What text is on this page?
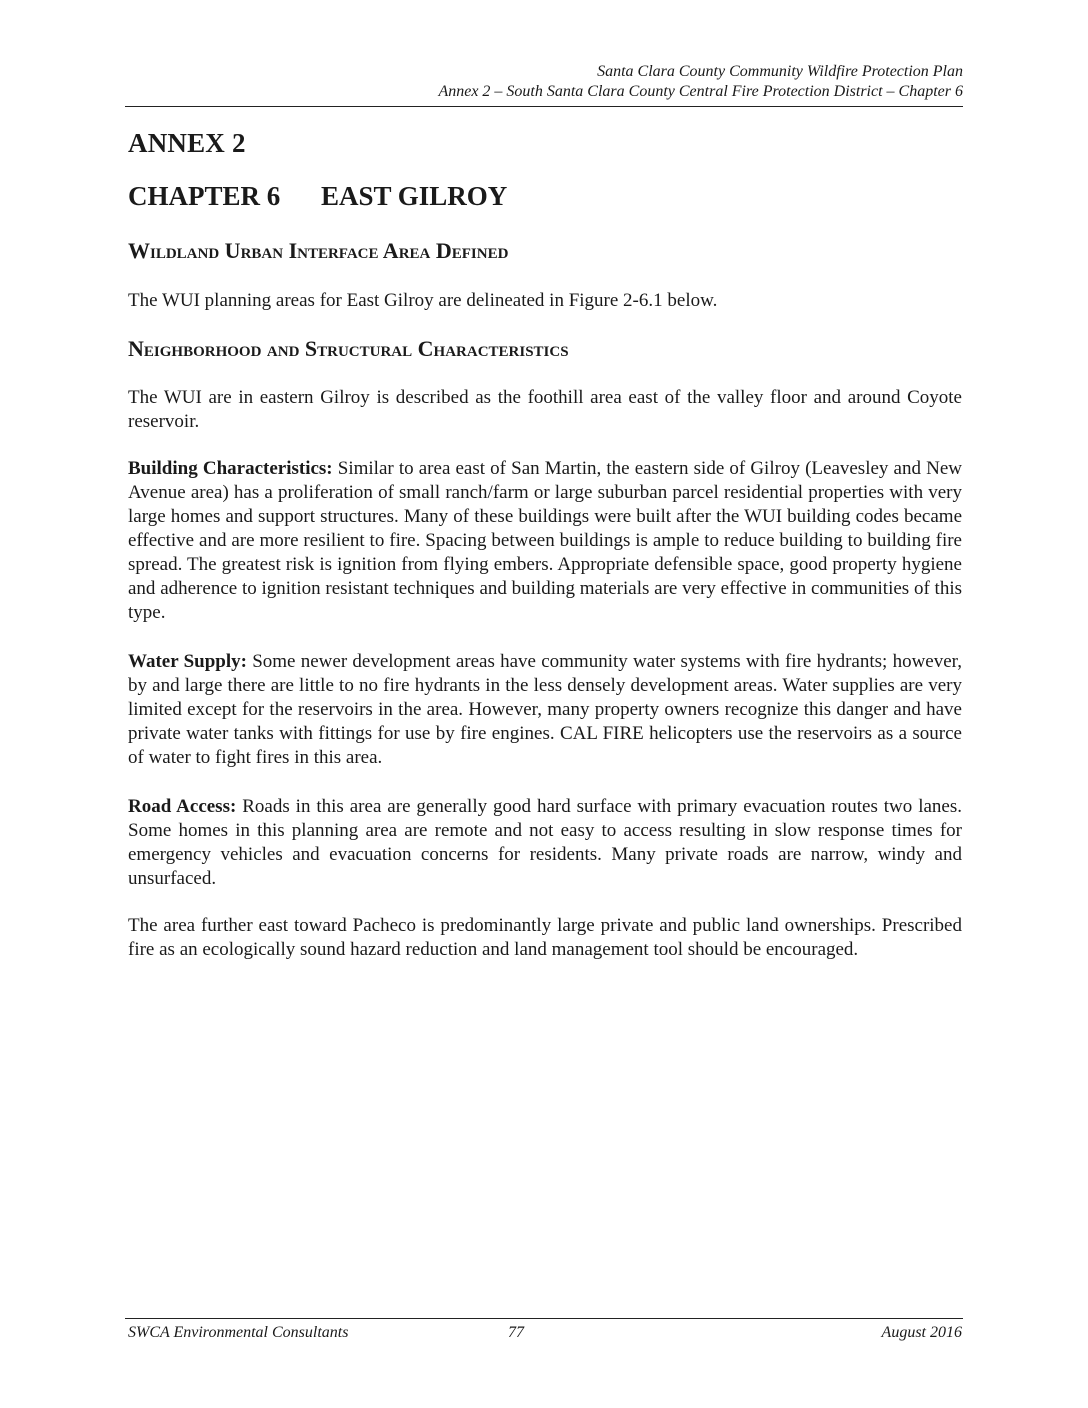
Santa Clara County Community Wildfire Protection Plan
Annex 2 – South Santa Clara County Central Fire Protection District – Chapter 6
ANNEX 2
CHAPTER 6 EAST GILROY
Wildland Urban Interface Area Defined

The WUI planning areas for East Gilroy are delineated in Figure 2-6.1 below.

Neighborhood and Structural Characteristics

The WUI are in eastern Gilroy is described as the foothill area east of the valley floor and around Coyote reservoir.

Building Characteristics: Similar to area east of San Martin, the eastern side of Gilroy (Leavesley and New Avenue area) has a proliferation of small ranch/farm or large suburban parcel residential properties with very large homes and support structures. Many of these buildings were built after the WUI building codes became effective and are more resilient to fire. Spacing between buildings is ample to reduce building to building fire spread. The greatest risk is ignition from flying embers. Appropriate defensible space, good property hygiene and adherence to ignition resistant techniques and building materials are very effective in communities of this type.

Water Supply: Some newer development areas have community water systems with fire hydrants; however, by and large there are little to no fire hydrants in the less densely development areas. Water supplies are very limited except for the reservoirs in the area. However, many property owners recognize this danger and have private water tanks with fittings for use by fire engines. CAL FIRE helicopters use the reservoirs as a source of water to fight fires in this area.

Road Access: Roads in this area are generally good hard surface with primary evacuation routes two lanes. Some homes in this planning area are remote and not easy to access resulting in slow response times for emergency vehicles and evacuation concerns for residents. Many private roads are narrow, windy and unsurfaced.

The area further east toward Pacheco is predominantly large private and public land ownerships. Prescribed fire as an ecologically sound hazard reduction and land management tool should be encouraged.

SWCA Environmental Consultants	77	August 2016
